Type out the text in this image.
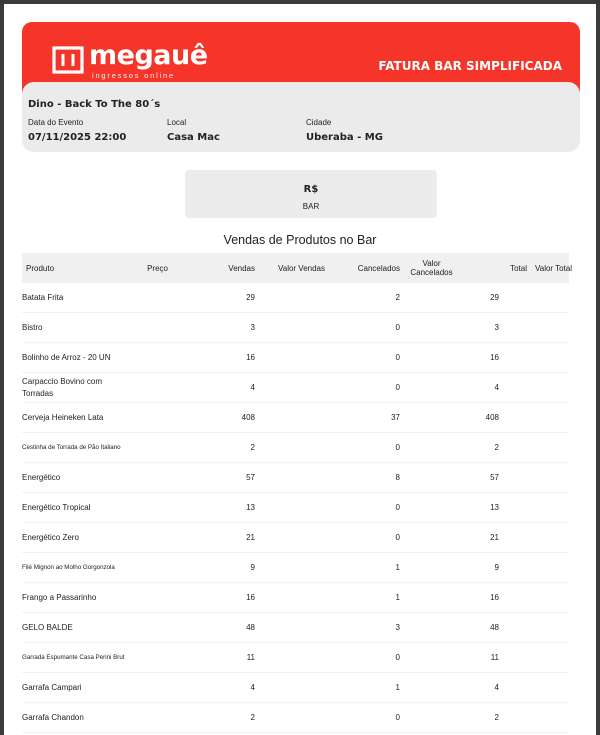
megauê
ingressos online
FATURA BAR SIMPLIFICADA
Dino - Back To The 80´s
Data do Evento
07/11/2025 22:00
Local
Casa Mac
Cidade
Uberaba - MG
R$
BAR
Vendas de Produtos no Bar
Produto	Preço	Vendas	Valor Vendas	Cancelados	Valor Cancelados	Total	Valor Total
Batata Frita		29		2		29	
Bistro		3		0		3	
Bolinho de Arroz - 20 UN		16		0		16	
Carpaccio Bovino com Torradas		4		0		4	
Cerveja Heineken Lata		408		37		408	
Cestinha de Torrada de Pão Italiano		2		0		2	
Energético		57		8		57	
Energético Tropical		13		0		13	
Energético Zero		21		0		21	
Filé Mignon ao Molho Gorgonzola		9		1		9	
Frango a Passarinho		16		1		16	
GELO BALDE		48		3		48	
Garrada Espumante Casa Perini Brut		11		0		11	
Garrafa Campari		4		1		4	
Garrafa Chandon		2		0		2	
